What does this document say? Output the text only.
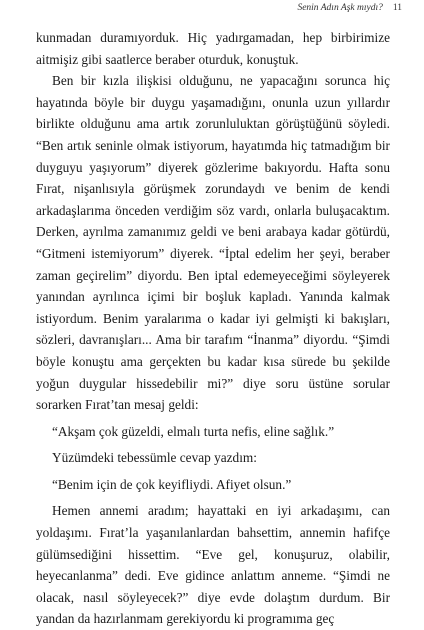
Senin Adın Aşk mıydı? 11

kunmadan duramıyorduk. Hiç yadırgamadan, hep birbirimize aitmişiz gibi saatlerce beraber oturduk, konuştuk.

Ben bir kızla ilişkisi olduğunu, ne yapacağını sorunca hiç hayatında böyle bir duygu yaşamadığını, onunla uzun yıllardır birlikte olduğunu ama artık zorunluluktan görüştüğünü söyledi. “Ben artık seninle olmak istiyorum, hayatımda hiç tatmadığım bir duyguyu yaşıyorum” diyerek gözlerime bakıyordu. Hafta sonu Fırat, nişanlısıyla görüşmek zorundaydı ve benim de kendi arkadaşlarıma önceden verdiğim söz vardı, onlarla buluşacaktım. Derken, ayrılma zamanımız geldi ve beni arabaya kadar götürdü, “Gitmeni istemiyorum” diyerek. “İptal edelim her şeyi, beraber zaman geçirelim” diyordu. Ben iptal edemeyeceğimi söyleyerek yanından ayrılınca içimi bir boşluk kapladı. Yanında kalmak istiyordum. Benim yaralarıma o kadar iyi gelmişti ki bakışları, sözleri, davranışları... Ama bir tarafım “İnanma” diyordu. “Şimdi böyle konuştu ama gerçekten bu kadar kısa sürede bu şekilde yoğun duygular hissedebilir mi?” diye soru üstüne sorular sorarken Fırat’tan mesaj geldi:

“Akşam çok güzeldi, elmalı turta nefis, eline sağlık.”

Yüzümdeki tebessümle cevap yazdım:

“Benim için de çok keyifliydi. Afiyet olsun.”

Hemen annemi aradım; hayattaki en iyi arkadaşımı, can yoldaşımı. Fırat’la yaşanılanlardan bahsettim, annemin hafifçe gülümsediğini hissettim. “Eve gel, konuşuruz, olabilir, heyecanlanma” dedi. Eve gidince anlattım anneme. “Şimdi ne olacak, nasıl söyleyecek?” diye evde dolaştım durdum. Bir yandan da hazırlanmam gerekiyordu ki programıma geç
